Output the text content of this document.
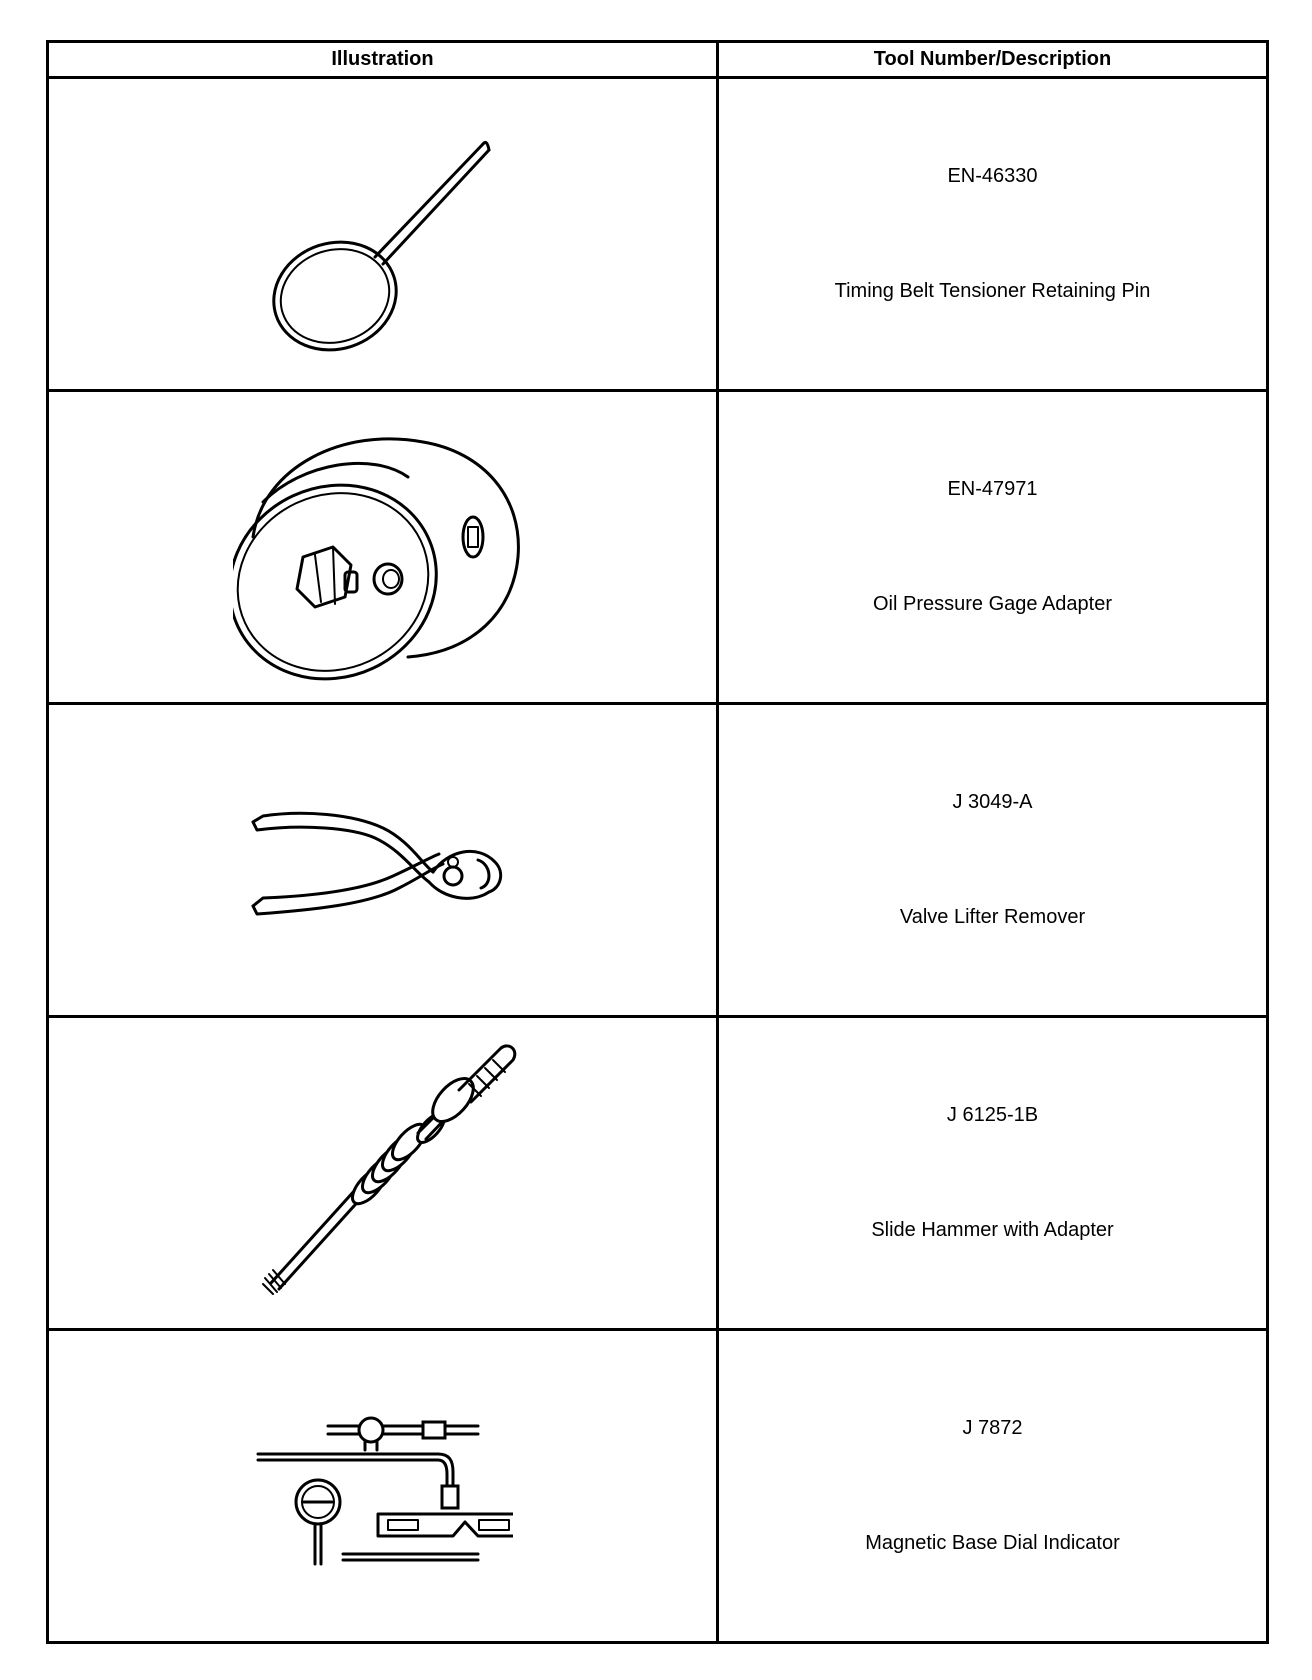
Illustration	Tool Number/Description

EN-46330
Timing Belt Tensioner Retaining Pin

EN-47971
Oil Pressure Gage Adapter

J 3049-A
Valve Lifter Remover

J 6125-1B
Slide Hammer with Adapter

J 7872
Magnetic Base Dial Indicator
